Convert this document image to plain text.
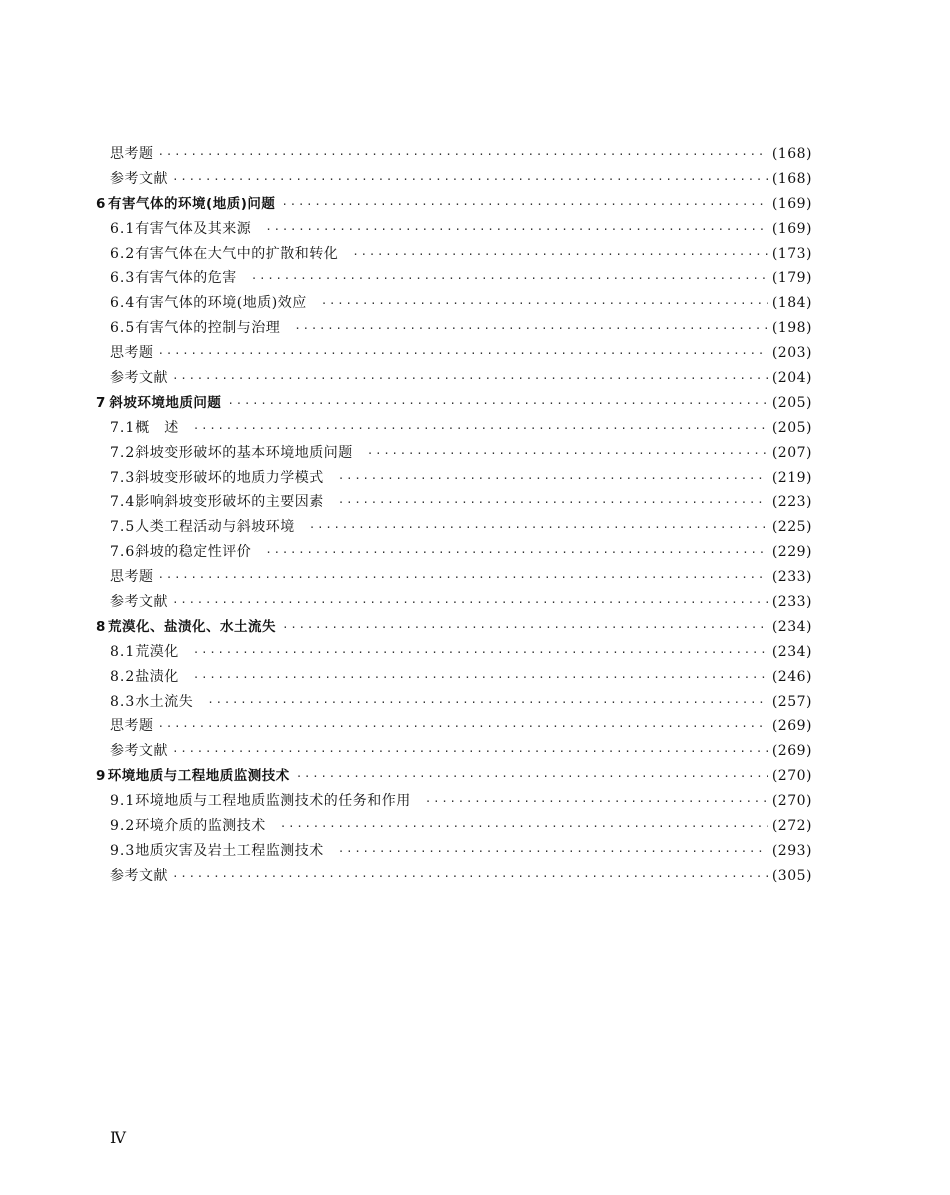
思考题 ·····	(168)
参考文献 ·····	(168)
6 有害气体的环境(地质)问题 ·····	(169)
6.1 有害气体及其来源 ·····	(169)
6.2 有害气体在大气中的扩散和转化 ·····	(173)
6.3 有害气体的危害 ·····	(179)
6.4 有害气体的环境(地质)效应 ·····	(184)
6.5 有害气体的控制与治理 ·····	(198)
思考题 ·····	(203)
参考文献 ·····	(204)
7 斜坡环境地质问题 ·····	(205)
7.1 概　述 ·····	(205)
7.2 斜坡变形破坏的基本环境地质问题 ·····	(207)
7.3 斜坡变形破坏的地质力学模式 ·····	(219)
7.4 影响斜坡变形破坏的主要因素 ·····	(223)
7.5 人类工程活动与斜坡环境 ·····	(225)
7.6 斜坡的稳定性评价 ·····	(229)
思考题 ·····	(233)
参考文献 ·····	(233)
8 荒漠化、盐渍化、水土流失 ·····	(234)
8.1 荒漠化 ·····	(234)
8.2 盐渍化 ·····	(246)
8.3 水土流失 ·····	(257)
思考题 ·····	(269)
参考文献 ·····	(269)
9 环境地质与工程地质监测技术 ·····	(270)
9.1 环境地质与工程地质监测技术的任务和作用 ·····	(270)
9.2 环境介质的监测技术 ·····	(272)
9.3 地质灾害及岩土工程监测技术 ·····	(293)
参考文献 ·····	(305)
Ⅳ
